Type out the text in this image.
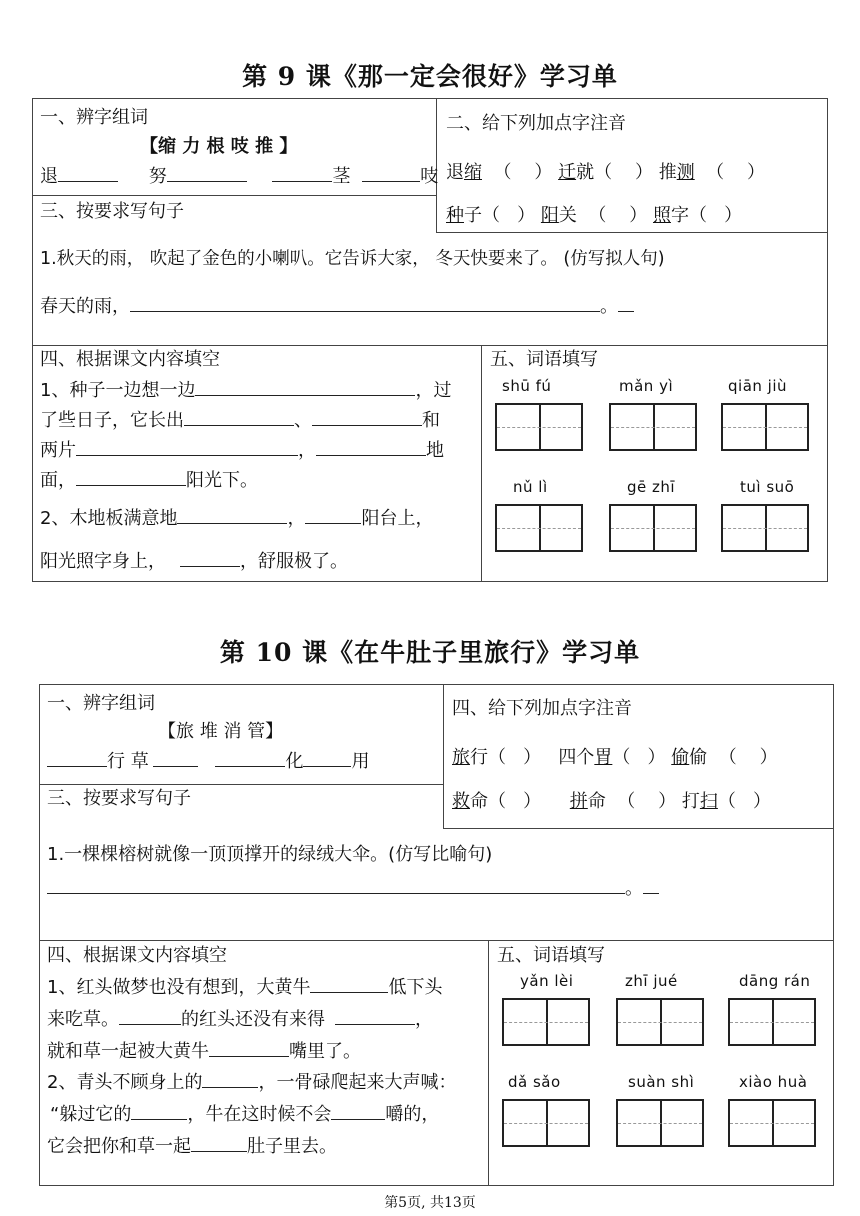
第 9 课《那一定会很好》学习单
一、辨字组词
【缩 力 根 吱 推 】
退	努	茎	吱
三、按要求写句子
二、给下列加点字注音
退缩  （    ） 迁就（    ） 推测  （    ）
种子（   ） 阳关  （    ） 照字（   ）
1.秋天的雨， 吹起了金色的小喇叭。它告诉大家， 冬天快要来了。 (仿写拟人句)
春天的雨，	。
四、根据课文内容填空
1、种子一边想一边	，过
了些日子，它长出	、	和
两片	，	地
面，	阳光下。
2、木地板满意地	，	阳台上，
阳光照字身上，	，舒服极了。
五、词语填写
shū fú	mǎn yì	qiān jiù
nǔ lì	gē zhī	tuì suō
第 10 课《在牛肚子里旅行》学习单
一、辨字组词
【旅 堆 消 管】
行 草	化	用
三、按要求写句子
四、给下列加点字注音
旅行（   ）   四个胃（   ） 偷偷  （    ）
救命（   ）     拼命  （    ） 打扫（   ）
1.一棵棵榕树就像一顶顶撑开的绿绒大伞。(仿写比喻句)
。
四、根据课文内容填空
1、红头做梦也没有想到，大黄牛	低下头
来吃草。	的红头还没有来得	，
就和草一起被大黄牛	嘴里了。
2、青头不顾身上的	，一骨碌爬起来大声喊：
“躲过它的	，牛在这时候不会	嚼的，
它会把你和草一起	肚子里去。
五、词语填写
yǎn lèi	zhī jué	dāng rán
dǎ sǎo	suàn shì	xiào huà
第5页, 共13页
